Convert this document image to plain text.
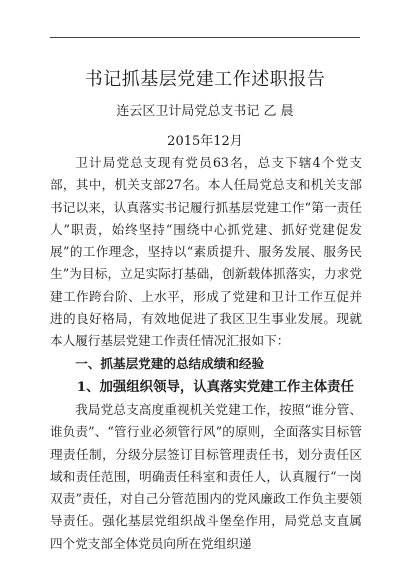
书记抓基层党建工作述职报告
连云区卫计局党总支书记 乙 晨
2015年12月

卫计局党总支现有党员63名，总支下辖4个党支部，其中，机关支部27名。本人任局党总支和机关支部书记以来，认真落实书记履行抓基层党建工作“第一责任人”职责，始终坚持“围绕中心抓党建、抓好党建促发展”的工作理念，坚持以“素质提升、服务发展、服务民生”为目标，立足实际打基础，创新载体抓落实，力求党建工作跨台阶、上水平，形成了党建和卫计工作互促并进的良好格局，有效地促进了我区卫生事业发展。现就本人履行基层党建工作责任情况汇报如下：

一、抓基层党建的总结成绩和经验
1、加强组织领导，认真落实党建工作主体责任

我局党总支高度重视机关党建工作，按照“谁分管、谁负责”、“管行业必须管行风”的原则，全面落实目标管理责任制，分级分层签订目标管理责任书，划分责任区域和责任范围，明确责任科室和责任人，认真履行“一岗双责”责任，对自己分管范围内的党风廉政工作负主要领导责任。强化基层党组织战斗堡垒作用，局党总支直属四个党支部全体党员向所在党组织递
